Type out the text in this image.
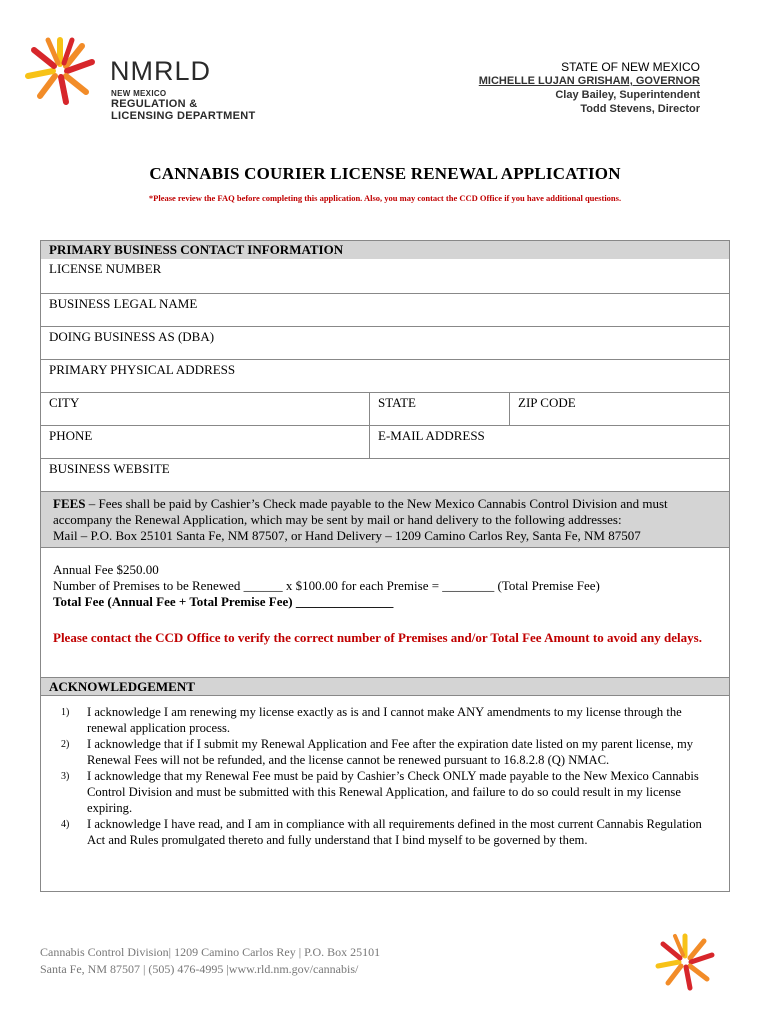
NMRLD
NEW MEXICO
REGULATION &
LICENSING DEPARTMENT
STATE OF NEW MEXICO
MICHELLE LUJAN GRISHAM, GOVERNOR
Clay Bailey, Superintendent
Todd Stevens, Director
CANNABIS COURIER LICENSE RENEWAL APPLICATION
*Please review the FAQ before completing this application. Also, you may contact the CCD Office if you have additional questions.
PRIMARY BUSINESS CONTACT INFORMATION
LICENSE NUMBER
BUSINESS LEGAL NAME
DOING BUSINESS AS (DBA)
PRIMARY PHYSICAL ADDRESS
CITY	STATE	ZIP CODE
PHONE	E-MAIL ADDRESS
BUSINESS WEBSITE
FEES – Fees shall be paid by Cashier’s Check made payable to the New Mexico Cannabis Control Division and must accompany the Renewal Application, which may be sent by mail or hand delivery to the following addresses:
Mail – P.O. Box 25101 Santa Fe, NM 87507, or Hand Delivery – 1209 Camino Carlos Rey, Santa Fe, NM 87507
Annual Fee $250.00
Number of Premises to be Renewed ______ x $100.00 for each Premise = ________ (Total Premise Fee)
Total Fee (Annual Fee + Total Premise Fee) _______________
Please contact the CCD Office to verify the correct number of Premises and/or Total Fee Amount to avoid any delays.
ACKNOWLEDGEMENT
1)	I acknowledge I am renewing my license exactly as is and I cannot make ANY amendments to my license through the renewal application process.
2)	I acknowledge that if I submit my Renewal Application and Fee after the expiration date listed on my parent license, my Renewal Fees will not be refunded, and the license cannot be renewed pursuant to 16.8.2.8 (Q) NMAC.
3)	I acknowledge that my Renewal Fee must be paid by Cashier’s Check ONLY made payable to the New Mexico Cannabis Control Division and must be submitted with this Renewal Application, and failure to do so could result in my license expiring.
4)	I acknowledge I have read, and I am in compliance with all requirements defined in the most current Cannabis Regulation Act and Rules promulgated thereto and fully understand that I bind myself to be governed by them.
Cannabis Control Division| 1209 Camino Carlos Rey | P.O. Box 25101
Santa Fe, NM 87507 | (505) 476-4995 |www.rld.nm.gov/cannabis/
